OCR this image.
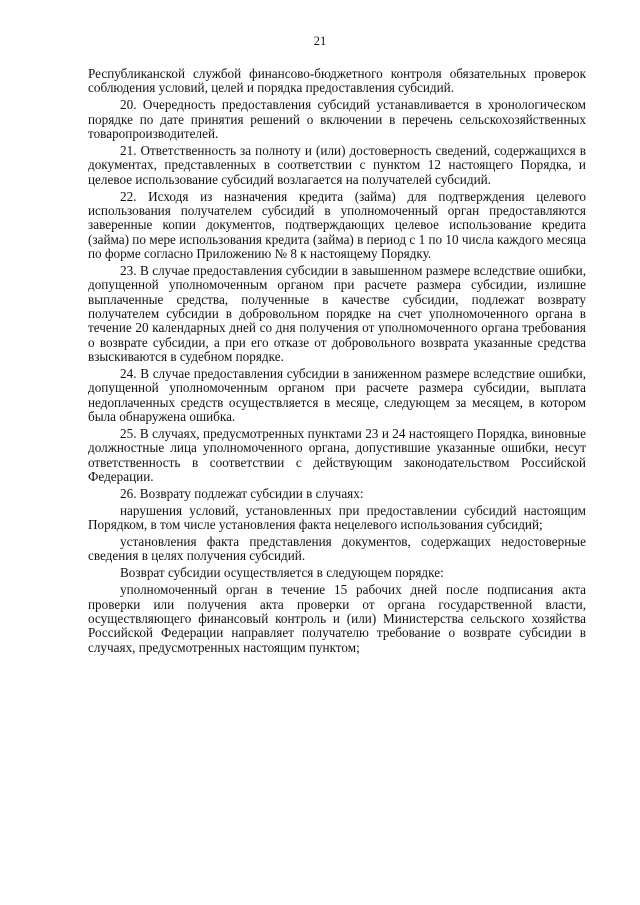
21

Республиканской службой финансово-бюджетного контроля обязательных проверок соблюдения условий, целей и порядка предоставления субсидий.

20. Очередность предоставления субсидий устанавливается в хронологическом порядке по дате принятия решений о включении в перечень сельскохозяйственных товаропроизводителей.

21. Ответственность за полноту и (или) достоверность сведений, содержащихся в документах, представленных в соответствии с пунктом 12 настоящего Порядка, и целевое использование субсидий возлагается на получателей субсидий.

22. Исходя из назначения кредита (займа) для подтверждения целевого использования получателем субсидий в уполномоченный орган предоставляются заверенные копии документов, подтверждающих целевое использование кредита (займа) по мере использования кредита (займа) в период с 1 по 10 числа каждого месяца по форме согласно Приложению № 8 к настоящему Порядку.

23. В случае предоставления субсидии в завышенном размере вследствие ошибки, допущенной уполномоченным органом при расчете размера субсидии, излишне выплаченные средства, полученные в качестве субсидии, подлежат возврату получателем субсидии в добровольном порядке на счет уполномоченного органа в течение 20 календарных дней со дня получения от уполномоченного органа требования о возврате субсидии, а при его отказе от добровольного возврата указанные средства взыскиваются в судебном порядке.

24. В случае предоставления субсидии в заниженном размере вследствие ошибки, допущенной уполномоченным органом при расчете размера субсидии, выплата недоплаченных средств осуществляется в месяце, следующем за месяцем, в котором была обнаружена ошибка.

25. В случаях, предусмотренных пунктами 23 и 24 настоящего Порядка, виновные должностные лица уполномоченного органа, допустившие указанные ошибки, несут ответственность в соответствии с действующим законодательством Российской Федерации.

26. Возврату подлежат субсидии в случаях:

нарушения условий, установленных при предоставлении субсидий настоящим Порядком, в том числе установления факта нецелевого использования субсидий;

установления факта представления документов, содержащих недостоверные сведения в целях получения субсидий.

Возврат субсидии осуществляется в следующем порядке:

уполномоченный орган в течение 15 рабочих дней после подписания акта проверки или получения акта проверки от органа государственной власти, осуществляющего финансовый контроль и (или) Министерства сельского хозяйства Российской Федерации направляет получателю требование о возврате субсидии в случаях, предусмотренных настоящим пунктом;
